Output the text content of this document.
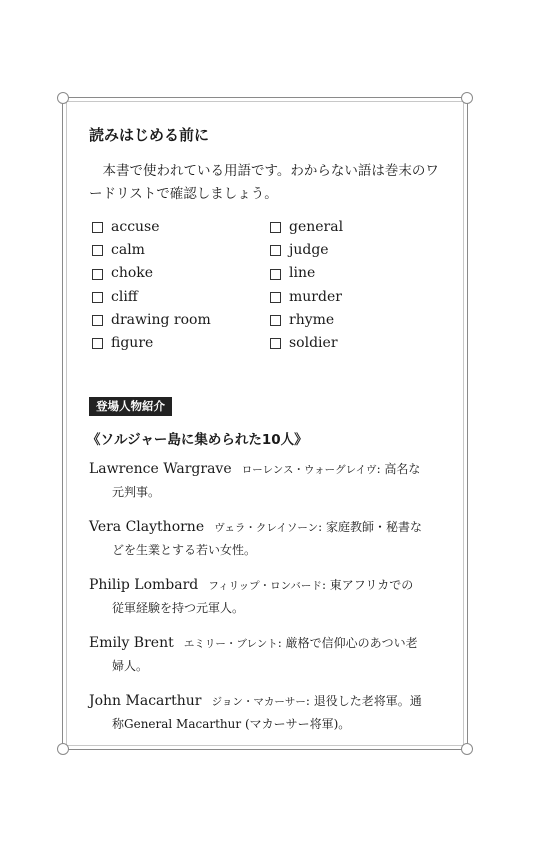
読みはじめる前に

本書で使われている用語です。わからない語は巻末のワードリストで確認しましょう。

accuse
calm
choke
cliff
drawing room
figure
general
judge
line
murder
rhyme
soldier
登場人物紹介
《ソルジャー島に集められた10人》
Lawrence Wargrave ローレンス・ウォーグレイヴ: 高名な
元判事。
Vera Claythorne ヴェラ・クレイソーン: 家庭教師・秘書な
どを生業とする若い女性。
Philip Lombard フィリップ・ロンバード: 東アフリカでの
従軍経験を持つ元軍人。
Emily Brent エミリー・ブレント: 厳格で信仰心のあつい老
婦人。
John Macarthur ジョン・マカーサー: 退役した老将軍。通
称General Macarthur (マカーサー将軍)。
